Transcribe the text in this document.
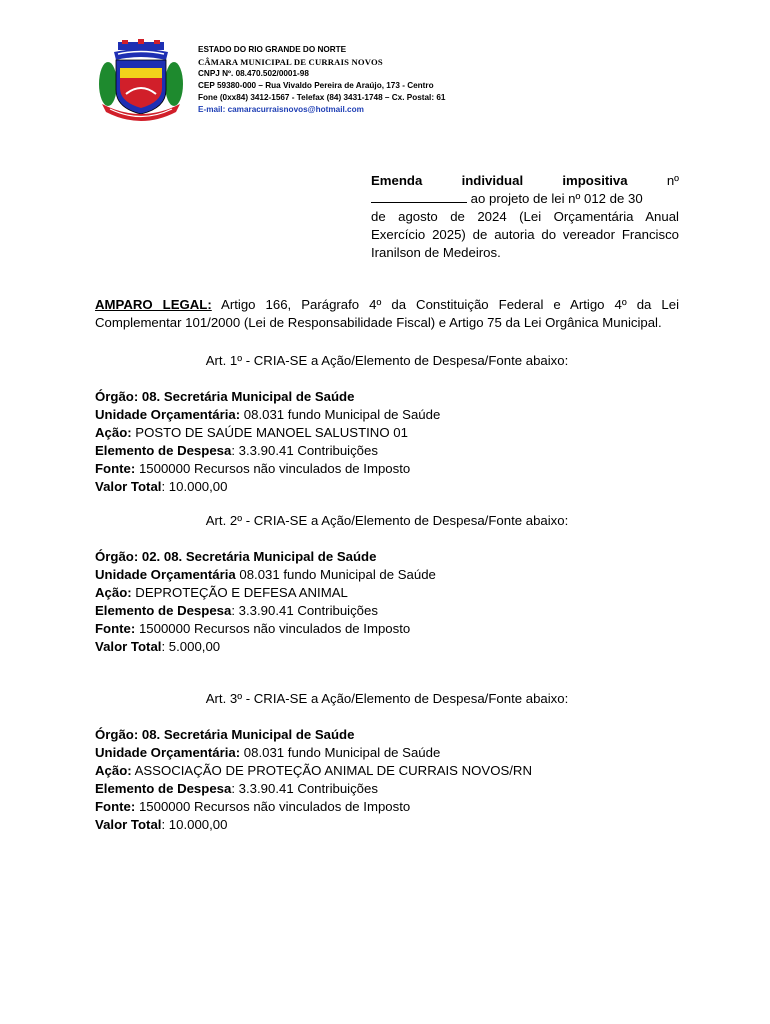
ESTADO DO RIO GRANDE DO NORTE
CÂMARA MUNICIPAL DE CURRAIS NOVOS
CNPJ Nº. 08.470.502/0001-98
CEP 59380-000 – Rua Vivaldo Pereira de Araújo, 173 - Centro
Fone (0xx84) 3412-1567 - Telefax (84) 3431-1748 – Cx. Postal: 61
E-mail: camaracurraisnovos@hotmail.com
Emenda	individual	impositiva	nº
ao projeto de lei nº 012 de 30
de agosto de 2024 (Lei Orçamentária Anual Exercício 2025) de autoria do vereador Francisco Iranilson de Medeiros.
AMPARO LEGAL: Artigo 166, Parágrafo 4º da Constituição Federal e Artigo 4º da Lei Complementar 101/2000 (Lei de Responsabilidade Fiscal) e Artigo 75 da Lei Orgânica Municipal.
Art. 1º - CRIA-SE a Ação/Elemento de Despesa/Fonte abaixo:
Órgão: 08. Secretária Municipal de Saúde
Unidade Orçamentária: 08.031 fundo Municipal de Saúde
Ação: POSTO DE SAÚDE MANOEL SALUSTINO 01
Elemento de Despesa: 3.3.90.41 Contribuições
Fonte: 1500000 Recursos não vinculados de Imposto
Valor Total: 10.000,00
Art. 2º - CRIA-SE a Ação/Elemento de Despesa/Fonte abaixo:
Órgão: 02. 08. Secretária Municipal de Saúde
Unidade Orçamentária 08.031 fundo Municipal de Saúde
Ação: DEPROTEÇÃO E DEFESA ANIMAL
Elemento de Despesa: 3.3.90.41 Contribuições
Fonte: 1500000 Recursos não vinculados de Imposto
Valor Total: 5.000,00
Art. 3º - CRIA-SE a Ação/Elemento de Despesa/Fonte abaixo:
Órgão: 08. Secretária Municipal de Saúde
Unidade Orçamentária: 08.031 fundo Municipal de Saúde
Ação: ASSOCIAÇÃO DE PROTEÇÃO ANIMAL DE CURRAIS NOVOS/RN
Elemento de Despesa: 3.3.90.41 Contribuições
Fonte: 1500000 Recursos não vinculados de Imposto
Valor Total: 10.000,00
